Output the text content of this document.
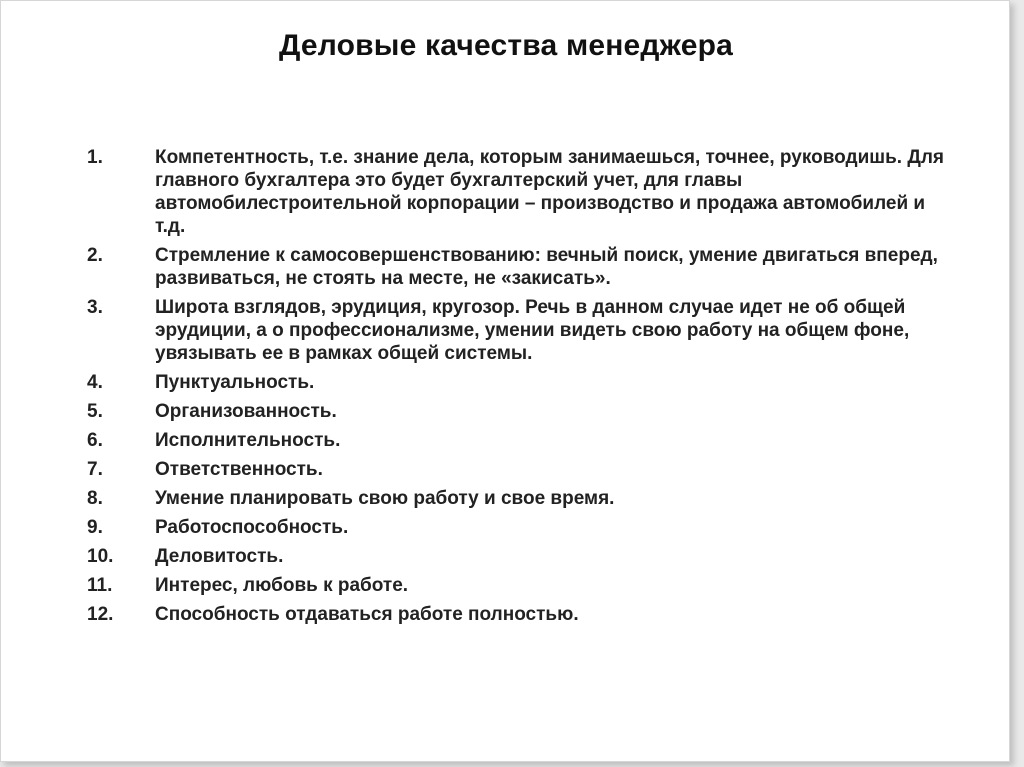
Деловые качества менеджера
1.	Компетентность, т.е. знание дела, которым занимаешься, точнее, руководишь. Для главного бухгалтера это будет бухгалтерский учет, для главы автомобилестроительной корпорации – производство и продажа автомобилей и т.д.
2.	Стремление к самосовершенствованию: вечный поиск, умение двигаться вперед, развиваться, не стоять на месте, не «закисать».
3.	Широта взглядов, эрудиция, кругозор. Речь в данном случае идет не об общей эрудиции, а о профессионализме, умении видеть свою работу на общем фоне, увязывать ее в рамках общей системы.
4.	Пунктуальность.
5.	Организованность.
6.	Исполнительность.
7.	Ответственность.
8.	Умение планировать свою работу и свое время.
9.	Работоспособность.
10.	Деловитость.
11.	Интерес, любовь к работе.
12.	Способность отдаваться работе полностью.
